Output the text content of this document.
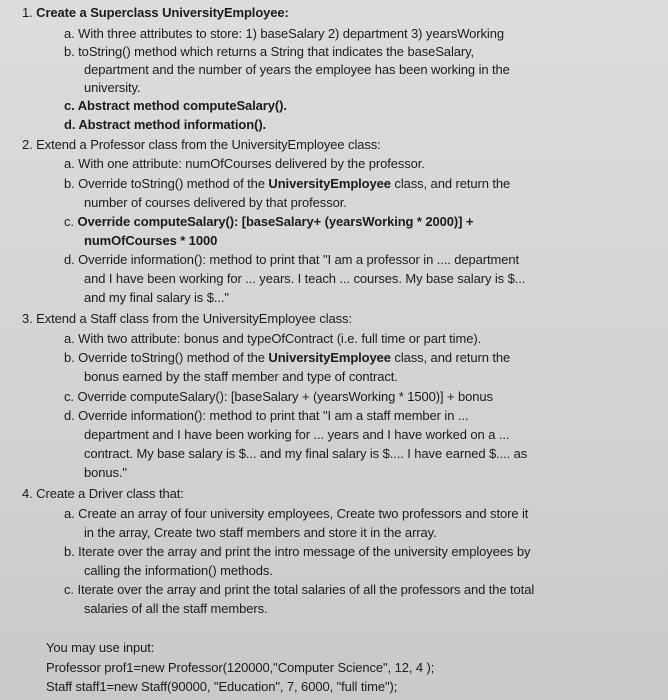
1. Create a Superclass UniversityEmployee:
a. With three attributes to store: 1) baseSalary 2) department 3) yearsWorking
b. toString() method which returns a String that indicates the baseSalary,
department and the number of years the employee has been working in the
university.
c. Abstract method computeSalary().
d. Abstract method information().
2. Extend a Professor class from the UniversityEmployee class:
a. With one attribute: numOfCourses delivered by the professor.
b. Override toString() method of the UniversityEmployee class, and return the
number of courses delivered by that professor.
c. Override computeSalary(): [baseSalary+ (yearsWorking * 2000)] +
numOfCourses * 1000
d. Override information(): method to print that "I am a professor in .... department
and I have been working for ... years. I teach ... courses. My base salary is $...
and my final salary is $..."
3. Extend a Staff class from the UniversityEmployee class:
a. With two attribute: bonus and typeOfContract (i.e. full time or part time).
b. Override toString() method of the UniversityEmployee class, and return the
bonus earned by the staff member and type of contract.
c. Override computeSalary(): [baseSalary + (yearsWorking * 1500)] + bonus
d. Override information(): method to print that "I am a staff member in ...
department and I have been working for ... years and I have worked on a ...
contract. My base salary is $... and my final salary is $.... I have earned $.... as
bonus."
4. Create a Driver class that:
a. Create an array of four university employees, Create two professors and store it
in the array, Create two staff members and store it in the array.
b. Iterate over the array and print the intro message of the university employees by
calling the information() methods.
c. Iterate over the array and print the total salaries of all the professors and the total
salaries of all the staff members.
You may use input:
Professor prof1=new Professor(120000,"Computer Science", 12, 4 );
Staff staff1=new Staff(90000, "Education", 7, 6000, "full time");
